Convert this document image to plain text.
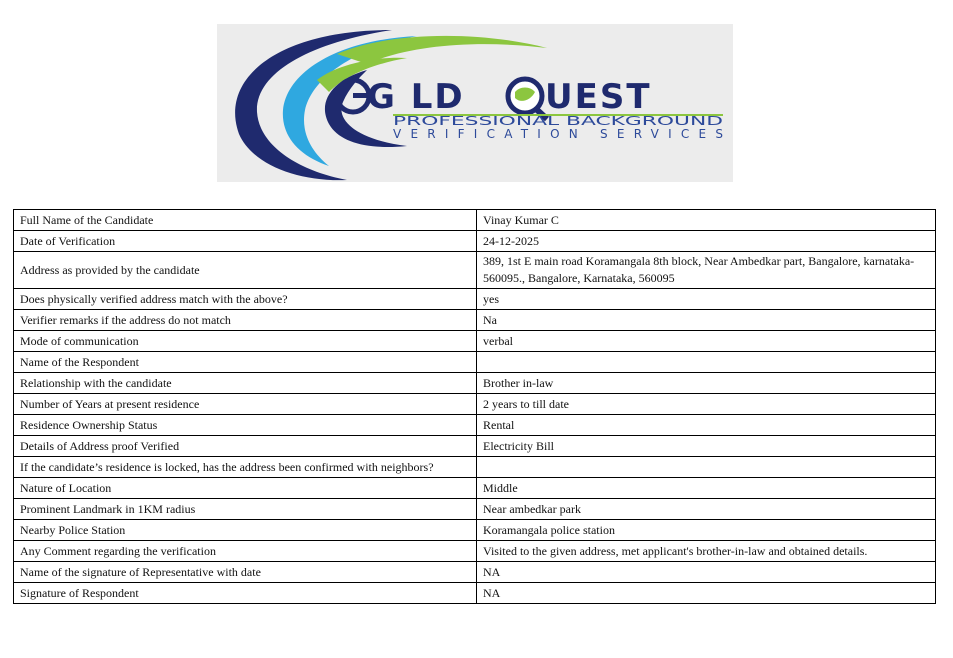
G LD UEST
PROFESSIONAL BACKGROUND
VERIFICATION SERVICES
Full Name of the Candidate	Vinay Kumar C
Date of Verification	24-12-2025
Address as provided by the candidate	389, 1st E main road Koramangala 8th block, Near Ambedkar part, Bangalore, karnataka-560095., Bangalore, Karnataka, 560095
Does physically verified address match with the above?	yes
Verifier remarks if the address do not match	Na
Mode of communication	verbal
Name of the Respondent	
Relationship with the candidate	Brother in-law
Number of Years at present residence	2 years to till date
Residence Ownership Status	Rental
Details of Address proof Verified	Electricity Bill
If the candidate’s residence is locked, has the address been confirmed with neighbors?	
Nature of Location	Middle
Prominent Landmark in 1KM radius	Near ambedkar park
Nearby Police Station	Koramangala police station
Any Comment regarding the verification	Visited to the given address, met applicant's brother-in-law and obtained details.
Name of the signature of Representative with date	NA
Signature of Respondent	NA
